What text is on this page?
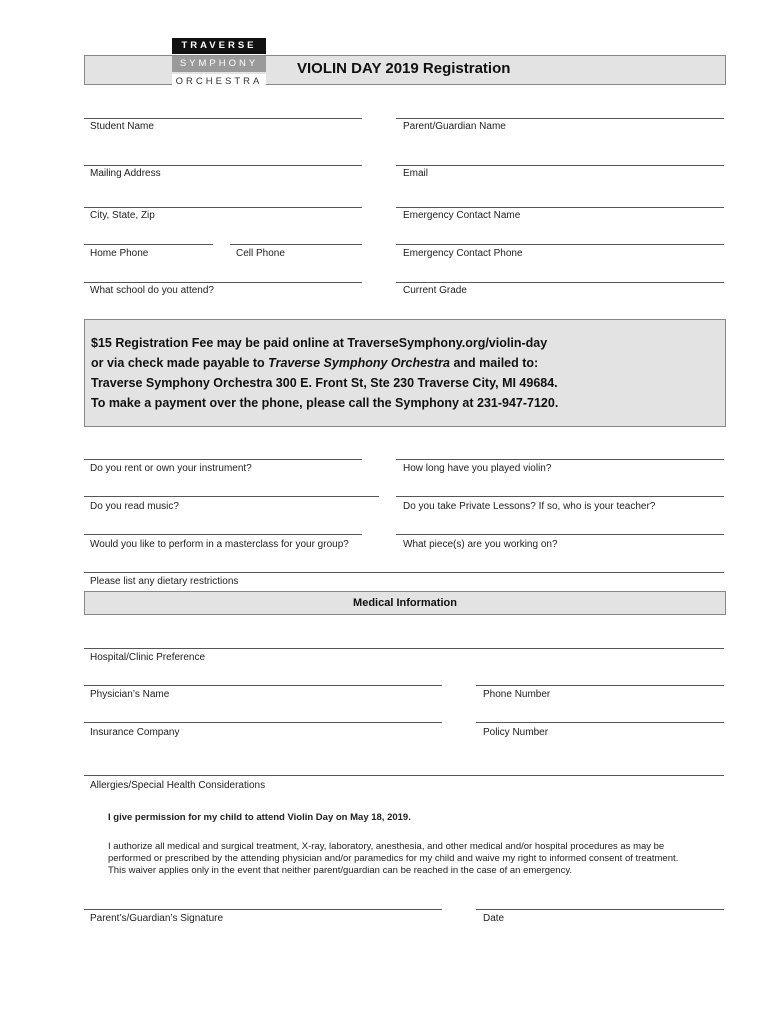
VIOLIN DAY 2019 Registration
TRAVERSE
SYMPHONY
ORCHESTRA
Student Name	Parent/Guardian Name
Mailing Address	Email
City, State, Zip	Emergency Contact Name
Home Phone	Cell Phone	Emergency Contact Phone
What school do you attend?	Current Grade
$15 Registration Fee may be paid online at TraverseSymphony.org/violin-day
or via check made payable to Traverse Symphony Orchestra and mailed to:
Traverse Symphony Orchestra 300 E. Front St, Ste 230 Traverse City, MI 49684.
To make a payment over the phone, please call the Symphony at 231-947-7120.
Do you rent or own your instrument?	How long have you played violin?
Do you read music?	Do you take Private Lessons? If so, who is your teacher?
Would you like to perform in a masterclass for your group?	What piece(s) are you working on?
Please list any dietary restrictions
Medical Information
Hospital/Clinic Preference
Physician’s Name	Phone Number
Insurance Company	Policy Number
Allergies/Special Health Considerations
I give permission for my child to attend Violin Day on May 18, 2019.
I authorize all medical and surgical treatment, X-ray, laboratory, anesthesia, and other medical and/or hospital procedures as may be
performed or prescribed by the attending physician and/or paramedics for my child and waive my right to informed consent of treatment.
This waiver applies only in the event that neither parent/guardian can be reached in the case of an emergency.
Parent’s/Guardian’s Signature	Date
